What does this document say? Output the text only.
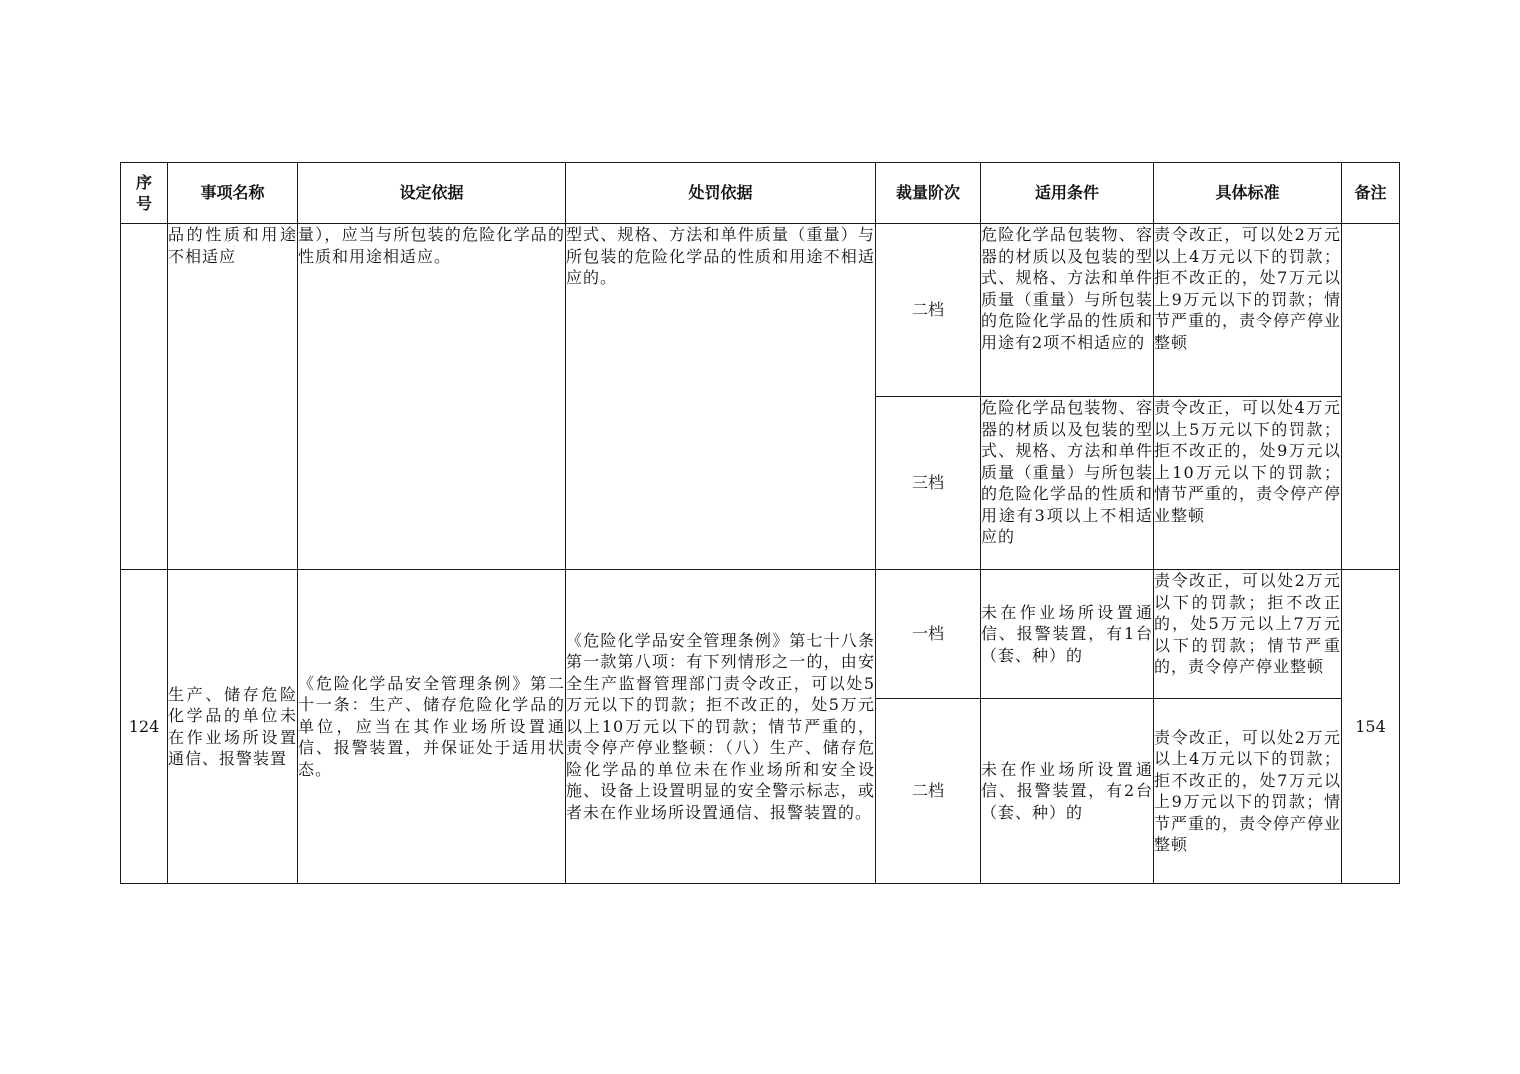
序号	事项名称	设定依据	处罚依据	裁量阶次	适用条件	具体标准	备注
	品的性质和用途不相适应	量），应当与所包装的危险化学品的性质和用途相适应。	型式、规格、方法和单件质量（重量）与所包装的危险化学品的性质和用途不相适应的。	二档	危险化学品包装物、容器的材质以及包装的型式、规格、方法和单件质量（重量）与所包装的危险化学品的性质和用途有2项不相适应的	责令改正，可以处2万元以上4万元以下的罚款；拒不改正的，处7万元以上9万元以下的罚款；情节严重的，责令停产停业整顿	
				三档	危险化学品包装物、容器的材质以及包装的型式、规格、方法和单件质量（重量）与所包装的危险化学品的性质和用途有3项以上不相适应的	责令改正，可以处4万元以上5万元以下的罚款；拒不改正的，处9万元以上10万元以下的罚款；情节严重的，责令停产停业整顿	
124	生产、储存危险化学品的单位未在作业场所设置通信、报警装置	《危险化学品安全管理条例》第二十一条：生产、储存危险化学品的单位，应当在其作业场所设置通信、报警装置，并保证处于适用状态。	《危险化学品安全管理条例》第七十八条第一款第八项：有下列情形之一的，由安全生产监督管理部门责令改正，可以处5万元以下的罚款；拒不改正的，处5万元以上10万元以下的罚款；情节严重的，责令停产停业整顿：（八）生产、储存危险化学品的单位未在作业场所和安全设施、设备上设置明显的安全警示标志，或者未在作业场所设置通信、报警装置的。	一档	未在作业场所设置通信、报警装置，有1台（套、种）的	责令改正，可以处2万元以下的罚款；拒不改正的，处5万元以上7万元以下的罚款；情节严重的，责令停产停业整顿	154
				二档	未在作业场所设置通信、报警装置，有2台（套、种）的	责令改正，可以处2万元以上4万元以下的罚款；拒不改正的，处7万元以上9万元以下的罚款；情节严重的，责令停产停业整顿	
